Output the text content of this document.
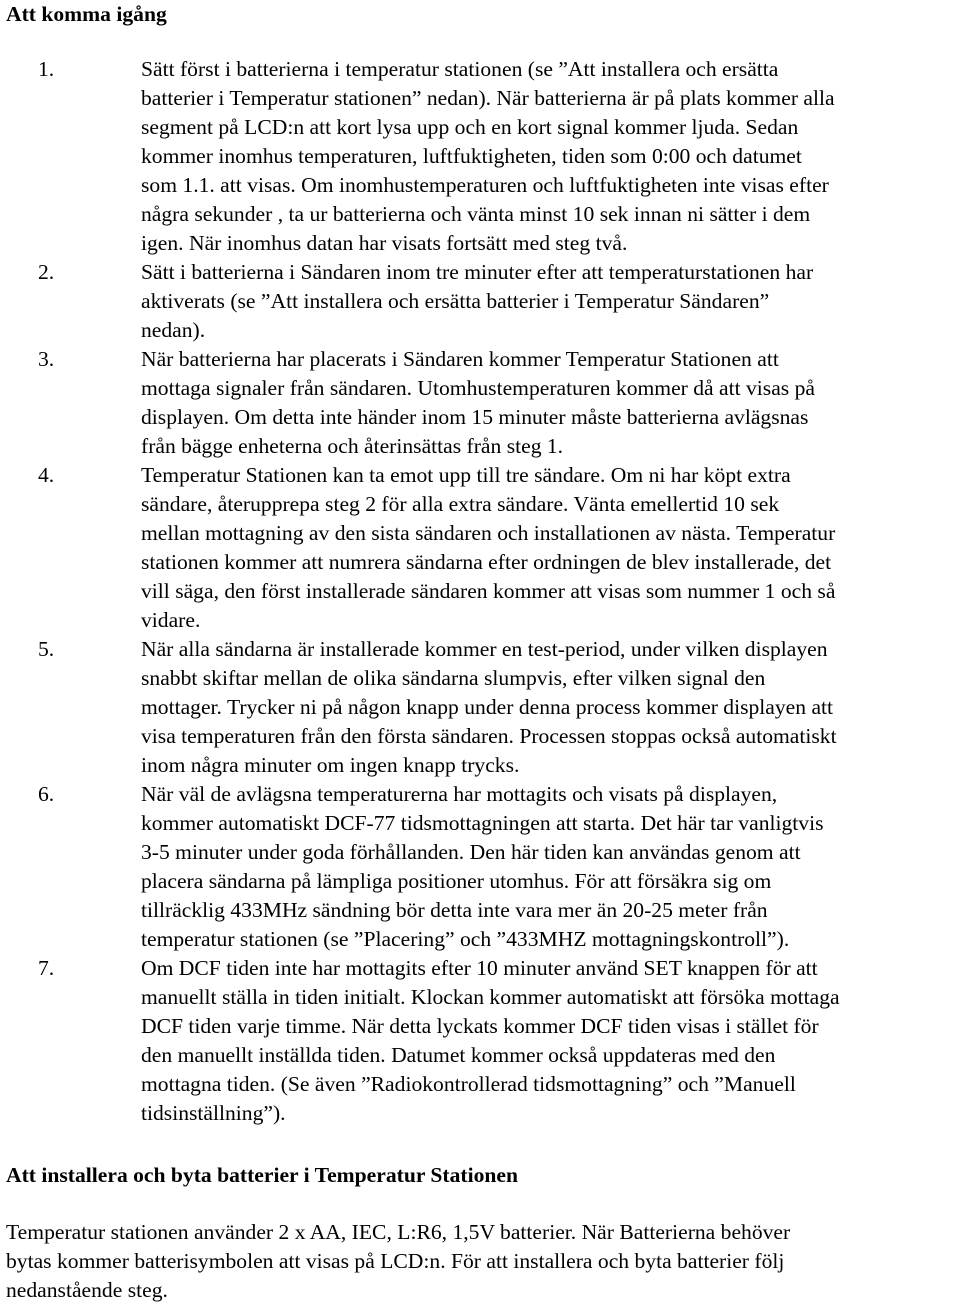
Att komma igång
1.	Sätt först i batterierna i temperatur stationen (se ”Att installera och ersätta
batterier i Temperatur stationen” nedan). När batterierna är på plats kommer alla
segment på LCD:n att kort lysa upp och en kort signal kommer ljuda. Sedan
kommer inomhus temperaturen, luftfuktigheten, tiden som 0:00 och datumet
som 1.1. att visas. Om inomhustemperaturen och luftfuktigheten inte visas efter
några sekunder , ta ur batterierna och vänta minst 10 sek innan ni sätter i dem
igen. När inomhus datan har visats fortsätt med steg två.
2.	Sätt i batterierna i Sändaren inom tre minuter efter att temperaturstationen har
aktiverats (se ”Att installera och ersätta batterier i Temperatur Sändaren”
nedan).
3.	När batterierna har placerats i Sändaren kommer Temperatur Stationen att
mottaga signaler från sändaren. Utomhustemperaturen kommer då att visas på
displayen. Om detta inte händer inom 15 minuter måste batterierna avlägsnas
från bägge enheterna och återinsättas från steg 1.
4.	Temperatur Stationen kan ta emot upp till tre sändare. Om ni har köpt extra
sändare, återupprepa steg 2 för alla extra sändare. Vänta emellertid 10 sek
mellan mottagning av den sista sändaren och installationen av nästa. Temperatur
stationen kommer att numrera sändarna efter ordningen de blev installerade, det
vill säga, den först installerade sändaren kommer att visas som nummer 1 och så
vidare.
5.	När alla sändarna är installerade kommer en test-period, under vilken displayen
snabbt skiftar mellan de olika sändarna slumpvis, efter vilken signal den
mottager. Trycker ni på någon knapp under denna process kommer displayen att
visa temperaturen från den första sändaren. Processen stoppas också automatiskt
inom några minuter om ingen knapp trycks.
6.	När väl de avlägsna temperaturerna har mottagits och visats på displayen,
kommer automatiskt DCF-77 tidsmottagningen att starta. Det här tar vanligtvis
3-5 minuter under goda förhållanden. Den här tiden kan användas genom att
placera sändarna på lämpliga positioner utomhus. För att försäkra sig om
tillräcklig 433MHz sändning bör detta inte vara mer än 20-25 meter från
temperatur stationen (se ”Placering” och ”433MHZ mottagningskontroll”).
7.	Om DCF tiden inte har mottagits efter 10 minuter använd SET knappen för att
manuellt ställa in tiden initialt. Klockan kommer automatiskt att försöka mottaga
DCF tiden varje timme. När detta lyckats kommer DCF tiden visas i stället för
den manuellt inställda tiden. Datumet kommer också uppdateras med den
mottagna tiden. (Se även ”Radiokontrollerad tidsmottagning” och ”Manuell
tidsinställning”).
Att installera och byta batterier i Temperatur Stationen

Temperatur stationen använder 2 x AA, IEC, L:R6, 1,5V batterier. När Batterierna behöver
bytas kommer batterisymbolen att visas på LCD:n. För att installera och byta batterier följ
nedanstående steg.
